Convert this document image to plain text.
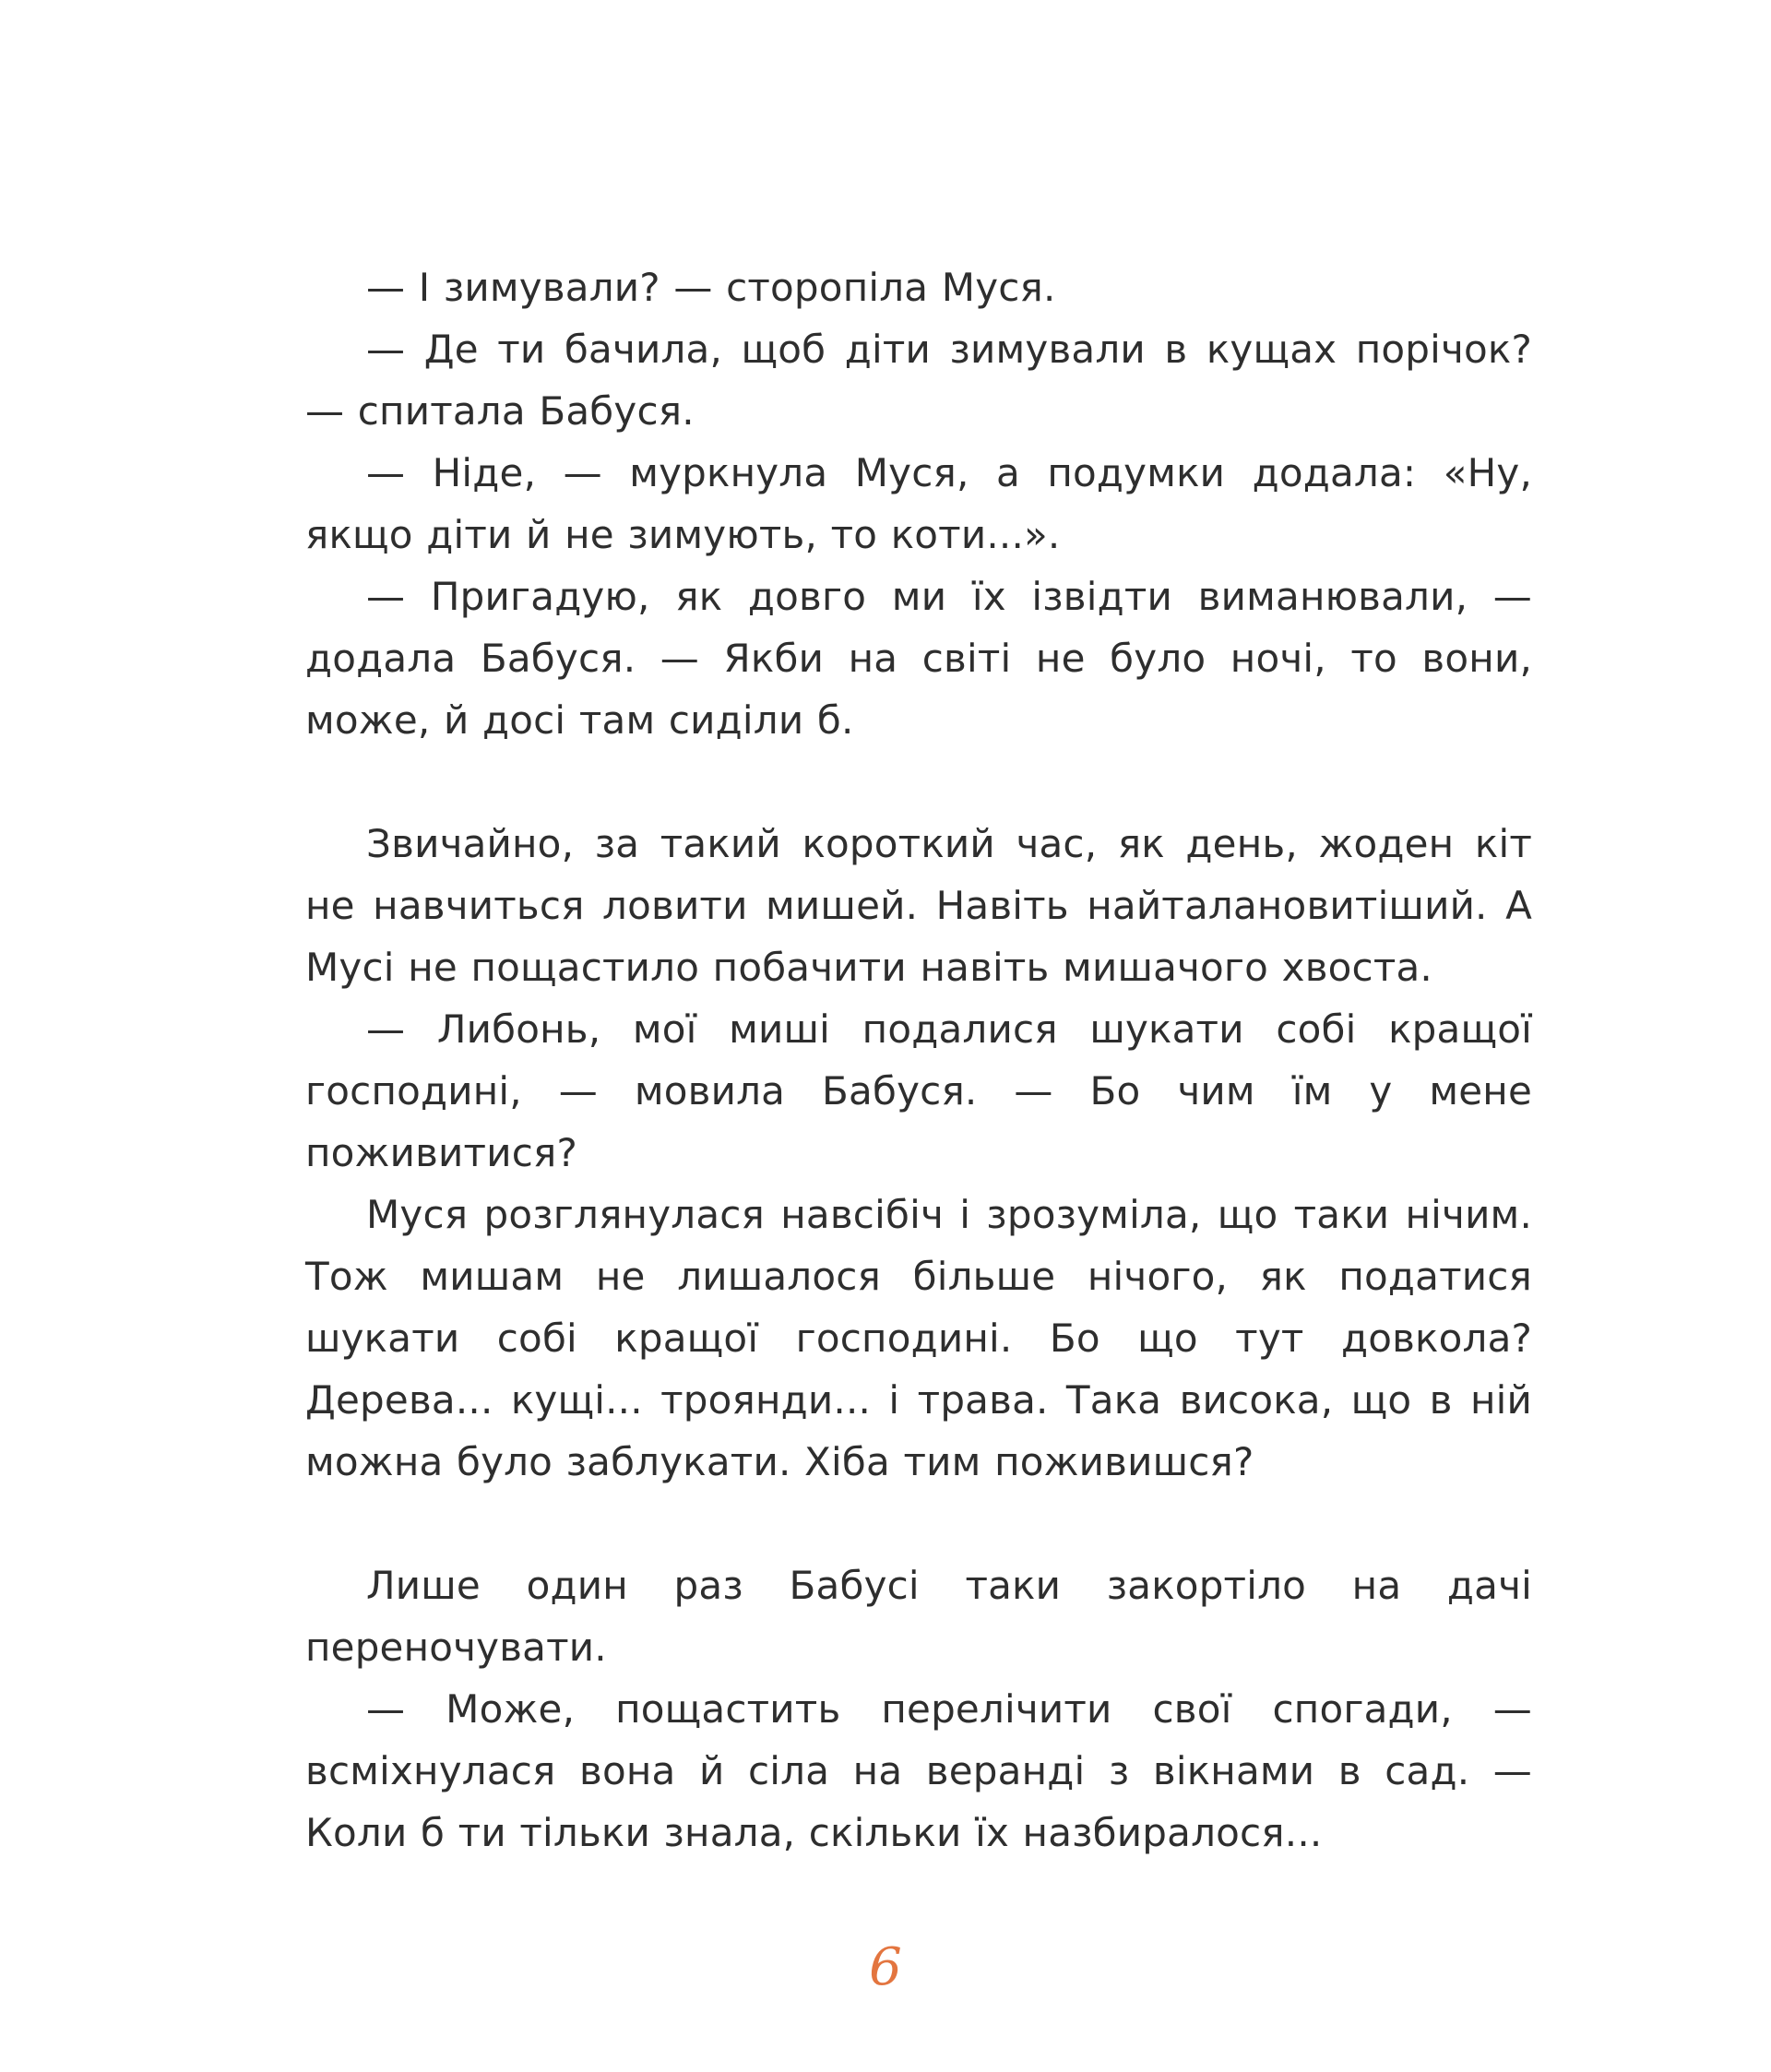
— І зимували? — сторопіла Муся.

— Де ти бачила, щоб діти зимували в кущах порічок? — спитала Бабуся.

— Ніде, — муркнула Муся, а подумки додала: «Ну, якщо діти й не зимують, то коти...».

— Пригадую, як довго ми їх ізвідти виманювали, — додала Бабуся. — Якби на світі не було ночі, то вони, може, й досі там сиділи б.

Звичайно, за такий короткий час, як день, жоден кіт не навчиться ловити мишей. Навіть найталановитіший. А Мусі не пощастило побачити навіть мишачого хвоста.

— Либонь, мої миші подалися шукати собі кращої господині, — мовила Бабуся. — Бо чим їм у мене поживитися?

Муся розглянулася навсібіч і зрозуміла, що таки нічим. Тож мишам не лишалося більше нічого, як податися шукати собі кращої господині. Бо що тут довкола? Дерева... кущі... троянди... і трава. Така висока, що в ній можна було заблукати. Хіба тим поживишся?

Лише один раз Бабусі таки закортіло на дачі переночувати.

— Може, пощастить перелічити свої спогади, — всміхнулася вона й сіла на веранді з вікнами в сад. — Коли б ти тільки знала, скільки їх назбиралося...

6
